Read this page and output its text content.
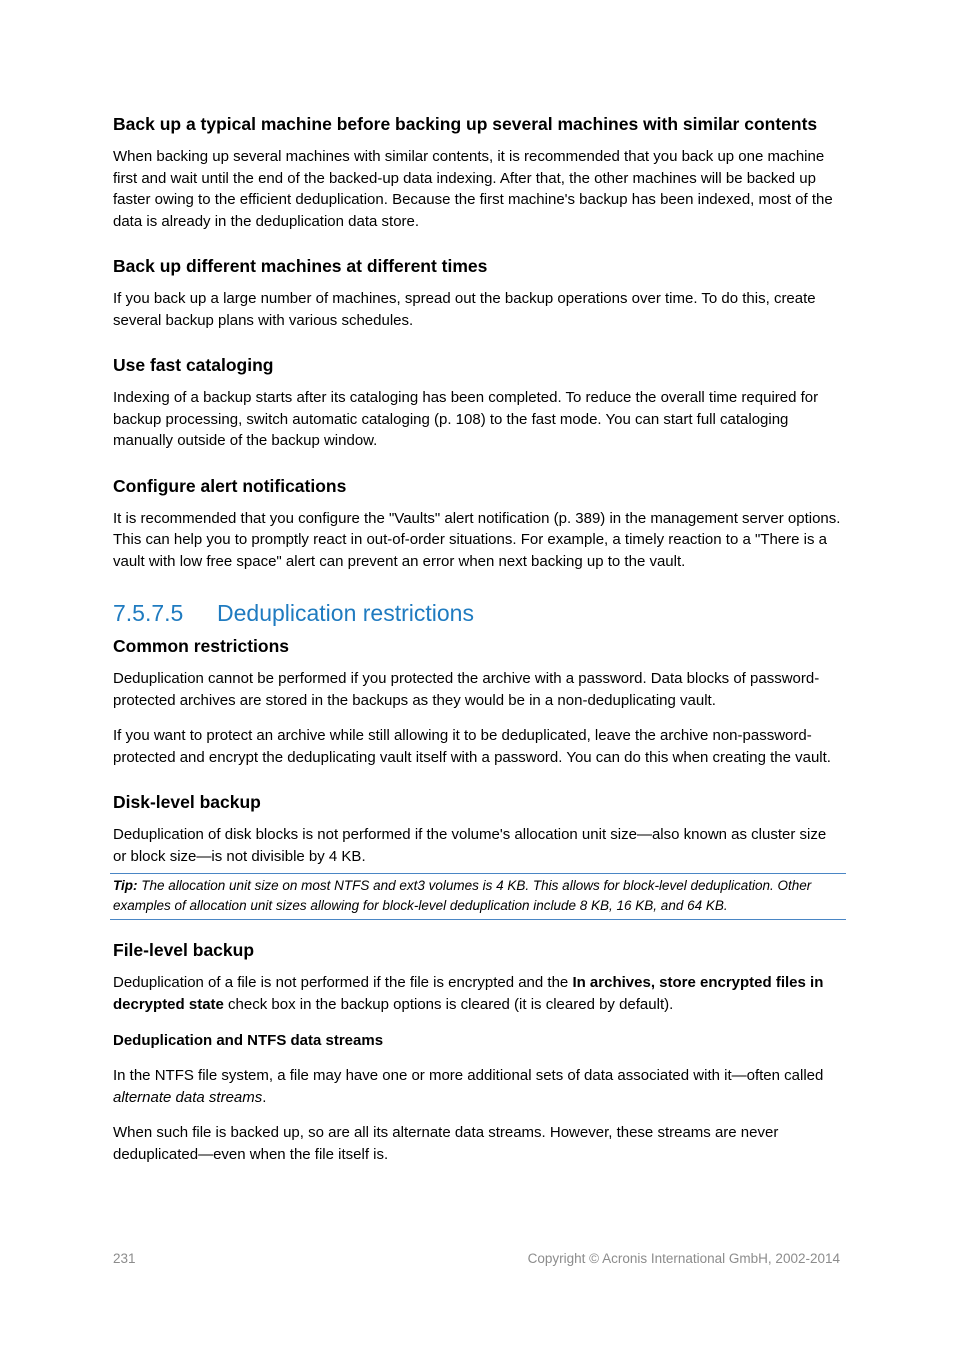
Back up a typical machine before backing up several machines with similar contents

When backing up several machines with similar contents, it is recommended that you back up one machine first and wait until the end of the backed-up data indexing. After that, the other machines will be backed up faster owing to the efficient deduplication. Because the first machine's backup has been indexed, most of the data is already in the deduplication data store.

Back up different machines at different times

If you back up a large number of machines, spread out the backup operations over time. To do this, create several backup plans with various schedules.

Use fast cataloging

Indexing of a backup starts after its cataloging has been completed. To reduce the overall time required for backup processing, switch automatic cataloging (p. 108) to the fast mode. You can start full cataloging manually outside of the backup window.

Configure alert notifications

It is recommended that you configure the "Vaults" alert notification (p. 389) in the management server options. This can help you to promptly react in out-of-order situations. For example, a timely reaction to a "There is a vault with low free space" alert can prevent an error when next backing up to the vault.

7.5.7.5	Deduplication restrictions
Common restrictions

Deduplication cannot be performed if you protected the archive with a password. Data blocks of password-protected archives are stored in the backups as they would be in a non-deduplicating vault.

If you want to protect an archive while still allowing it to be deduplicated, leave the archive non-password-protected and encrypt the deduplicating vault itself with a password. You can do this when creating the vault.

Disk-level backup

Deduplication of disk blocks is not performed if the volume's allocation unit size—also known as cluster size or block size—is not divisible by 4 KB.

Tip: The allocation unit size on most NTFS and ext3 volumes is 4 KB. This allows for block-level deduplication. Other examples of allocation unit sizes allowing for block-level deduplication include 8 KB, 16 KB, and 64 KB.
File-level backup

Deduplication of a file is not performed if the file is encrypted and the In archives, store encrypted files in decrypted state check box in the backup options is cleared (it is cleared by default).

Deduplication and NTFS data streams

In the NTFS file system, a file may have one or more additional sets of data associated with it—often called alternate data streams.

When such file is backed up, so are all its alternate data streams. However, these streams are never deduplicated—even when the file itself is.

231	Copyright © Acronis International GmbH, 2002-2014
